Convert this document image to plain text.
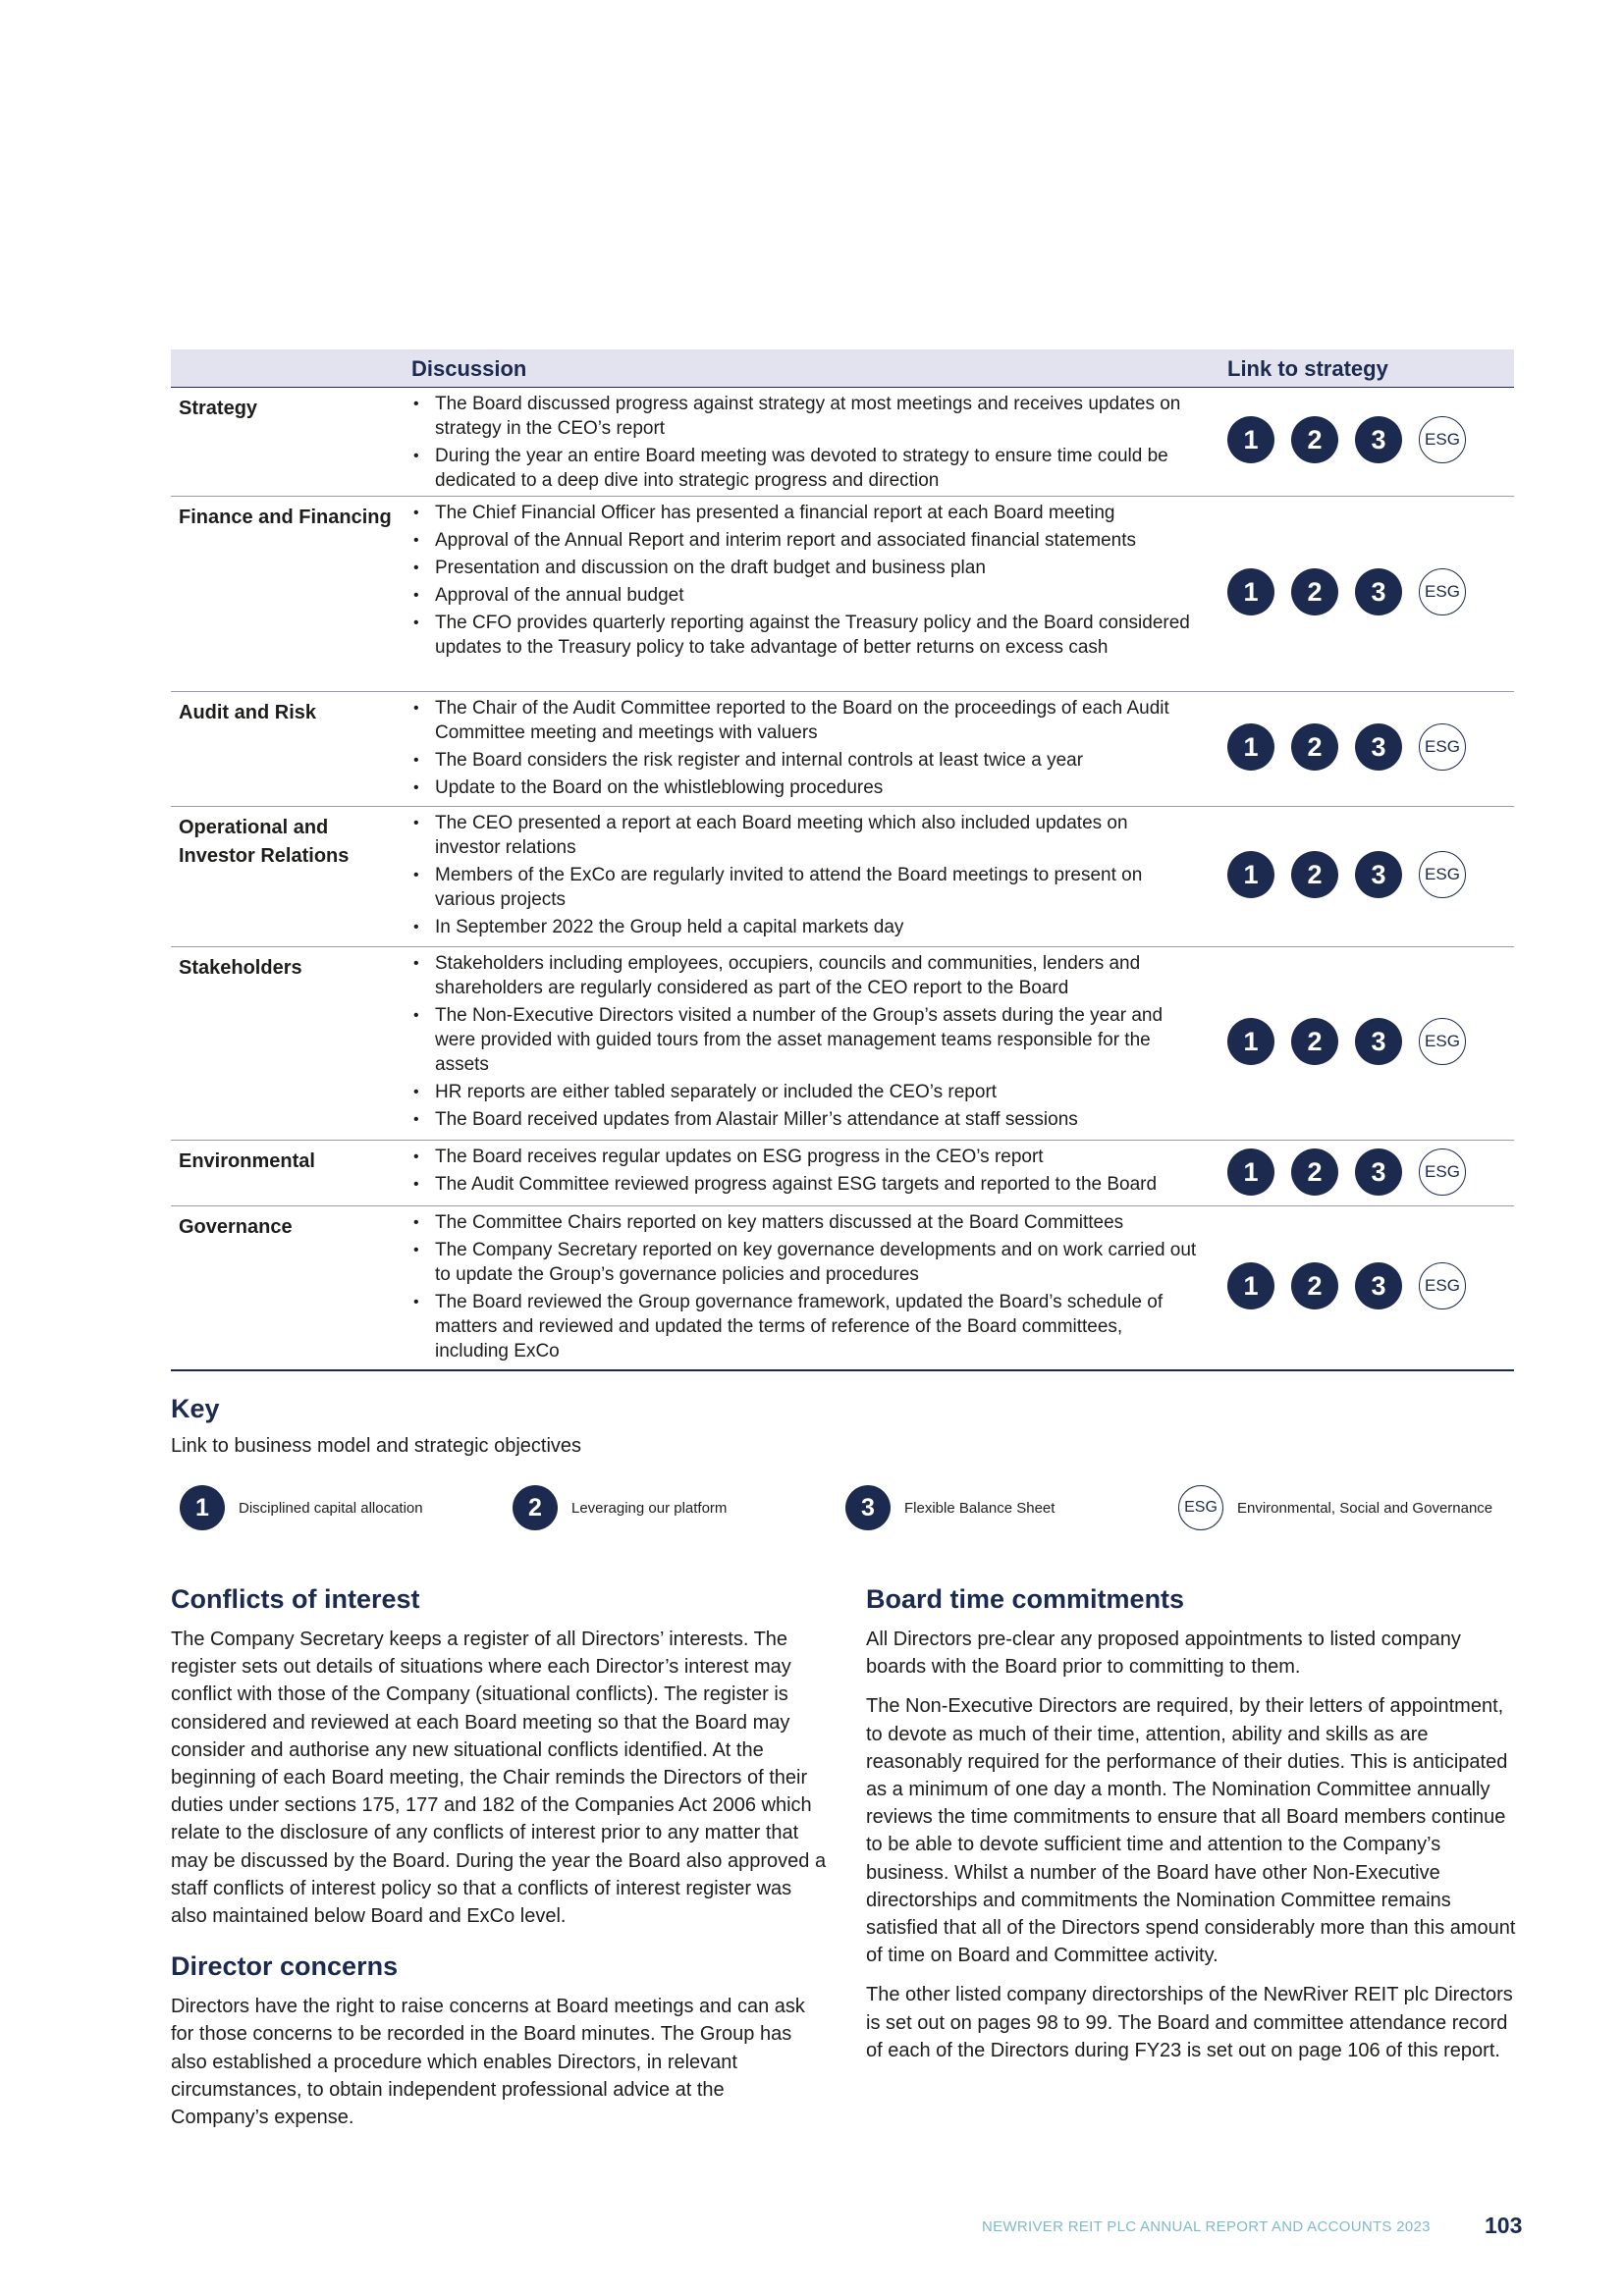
Discussion	Link to strategy
Strategy	• The Board discussed progress against strategy at most meetings and receives updates on strategy in the CEO’s report
• During the year an entire Board meeting was devoted to strategy to ensure time could be dedicated to a deep dive into strategic progress and direction
1	2	3	ESG
Finance and Financing	• The Chief Financial Officer has presented a financial report at each Board meeting
• Approval of the Annual Report and interim report and associated financial statements
• Presentation and discussion on the draft budget and business plan
• Approval of the annual budget
• The CFO provides quarterly reporting against the Treasury policy and the Board considered updates to the Treasury policy to take advantage of better returns on excess cash
1	2	3	ESG
Audit and Risk	• The Chair of the Audit Committee reported to the Board on the proceedings of each Audit Committee meeting and meetings with valuers
• The Board considers the risk register and internal controls at least twice a year
• Update to the Board on the whistleblowing procedures
1	2	3	ESG
Operational and Investor Relations
• The CEO presented a report at each Board meeting which also included updates on investor relations
• Members of the ExCo are regularly invited to attend the Board meetings to present on various projects
• In September 2022 the Group held a capital markets day
1	2	3	ESG
Stakeholders	• Stakeholders including employees, occupiers, councils and communities, lenders and shareholders are regularly considered as part of the CEO report to the Board
• The Non-Executive Directors visited a number of the Group’s assets during the year and were provided with guided tours from the asset management teams responsible for the assets
• HR reports are either tabled separately or included the CEO’s report
• The Board received updates from Alastair Miller’s attendance at staff sessions
1	2	3	ESG
Environmental	• The Board receives regular updates on ESG progress in the CEO’s report
• The Audit Committee reviewed progress against ESG targets and reported to the Board	1	2	3	ESG
Governance	• The Committee Chairs reported on key matters discussed at the Board Committees
• The Company Secretary reported on key governance developments and on work carried out to update the Group’s governance policies and procedures
• The Board reviewed the Group governance framework, updated the Board’s schedule of matters and reviewed and updated the terms of reference of the Board committees, including ExCo
1	2	3	ESG
Key
Link to business model and strategic objectives
1	Disciplined capital allocation	2	Leveraging our platform	3	Flexible Balance Sheet	ESG	Environmental, Social and Governance
Conflicts of interest

The Company Secretary keeps a register of all Directors’ interests. The register sets out details of situations where each Director’s interest may conflict with those of the Company (situational conflicts). The register is considered and reviewed at each Board meeting so that the Board may consider and authorise any new situational conflicts identified. At the beginning of each Board meeting, the Chair reminds the Directors of their duties under sections 175, 177 and 182 of the Companies Act 2006 which relate to the disclosure of any conflicts of interest prior to any matter that may be discussed by the Board. During the year the Board also approved a staff conflicts of interest policy so that a conflicts of interest register was also maintained below Board and ExCo level.

Director concerns

Directors have the right to raise concerns at Board meetings and can ask for those concerns to be recorded in the Board minutes. The Group has also established a procedure which enables Directors, in relevant circumstances, to obtain independent professional advice at the Company’s expense.

Board time commitments

All Directors pre-clear any proposed appointments to listed company boards with the Board prior to committing to them.

The Non-Executive Directors are required, by their letters of appointment, to devote as much of their time, attention, ability and skills as are reasonably required for the performance of their duties. This is anticipated as a minimum of one day a month. The Nomination Committee annually reviews the time commitments to ensure that all Board members continue to be able to devote sufficient time and attention to the Company’s business. Whilst a number of the Board have other Non-Executive directorships and commitments the Nomination Committee remains satisfied that all of the Directors spend considerably more than this amount of time on Board and Committee activity.

The other listed company directorships of the NewRiver REIT plc Directors is set out on pages 98 to 99. The Board and committee attendance record of each of the Directors during FY23 is set out on page 106 of this report.

NEWRIVER REIT PLC ANNUAL REPORT AND ACCOUNTS 2023 103
